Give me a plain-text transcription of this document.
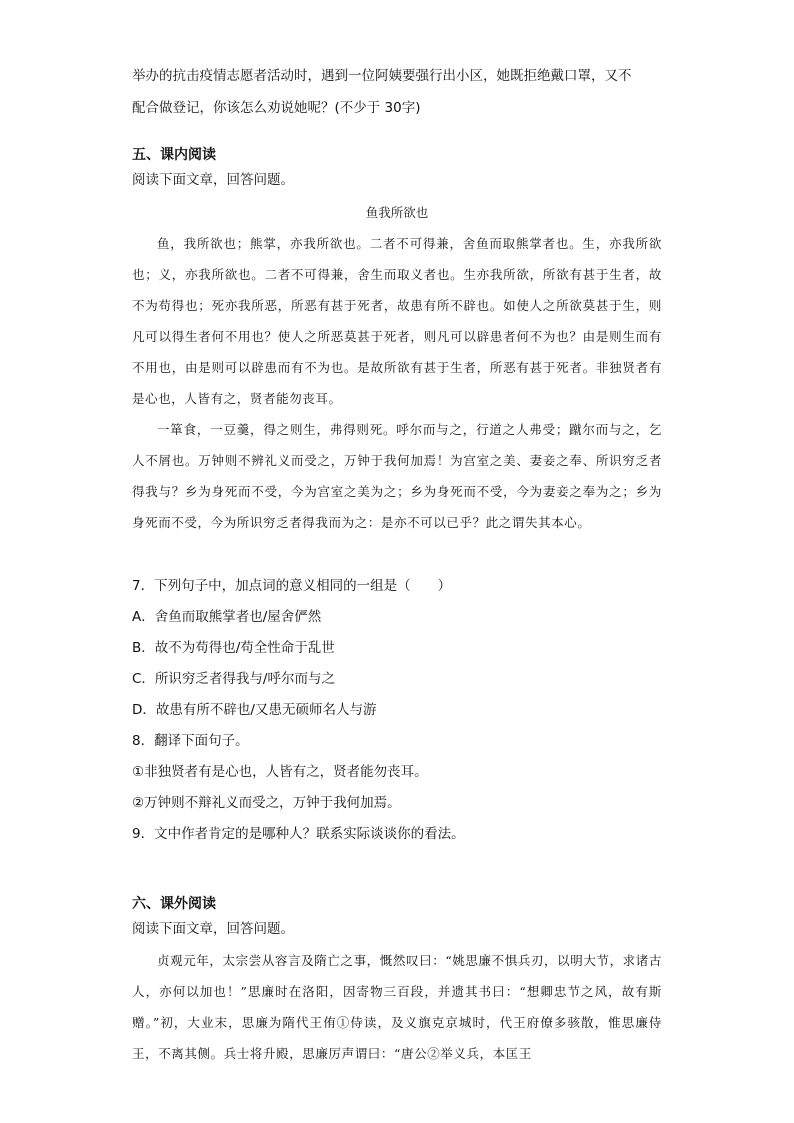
举办的抗击疫情志愿者活动时，遇到一位阿姨要强行出小区，她既拒绝戴口罩，又不
配合做登记，你该怎么劝说她呢？(不少于 30字)
五、课内阅读
阅读下面文章，回答问题。
鱼我所欲也

鱼，我所欲也；熊掌，亦我所欲也。二者不可得兼，舍鱼而取熊掌者也。生，亦我所欲也；义，亦我所欲也。二者不可得兼，舍生而取义者也。生亦我所欲，所欲有甚于生者，故不为苟得也；死亦我所恶，所恶有甚于死者，故患有所不辟也。如使人之所欲莫甚于生，则凡可以得生者何不用也？使人之所恶莫甚于死者，则凡可以辟患者何不为也？由是则生而有不用也，由是则可以辟患而有不为也。是故所欲有甚于生者，所恶有甚于死者。非独贤者有是心也，人皆有之，贤者能勿丧耳。

一箪食，一豆羹，得之则生，弗得则死。呼尔而与之，行道之人弗受；蹴尔而与之，乞人不屑也。万钟则不辨礼义而受之，万钟于我何加焉！为宫室之美、妻妾之奉、所识穷乏者得我与？乡为身死而不受，今为宫室之美为之；乡为身死而不受，今为妻妾之奉为之；乡为身死而不受，今为所识穷乏者得我而为之：是亦不可以已乎？此之谓失其本心。

7．下列句子中，加点词的意义相同的一组是（　　）
A．舍鱼而取熊掌者也/屋舍俨然
B．故不为苟得也/苟全性命于乱世
C．所识穷乏者得我与/呼尔而与之
D．故患有所不辟也/又患无硕师名人与游
8．翻译下面句子。
①非独贤者有是心也，人皆有之，贤者能勿丧耳。
②万钟则不辩礼义而受之，万钟于我何加焉。
9．文中作者肯定的是哪种人？联系实际谈谈你的看法。
六、课外阅读
阅读下面文章，回答问题。

贞观元年，太宗尝从容言及隋亡之事，慨然叹曰：“姚思廉不惧兵刃，以明大节，求诸古人，亦何以加也！”思廉时在洛阳，因寄物三百段，并遗其书曰：“想卿忠节之风，故有斯赠。”初，大业末，思廉为隋代王侑①侍读，及义旗克京城时，代王府僚多骇散，惟思廉侍王，不离其侧。兵士将升殿，思廉厉声谓曰：“唐公②举义兵，本匡王
